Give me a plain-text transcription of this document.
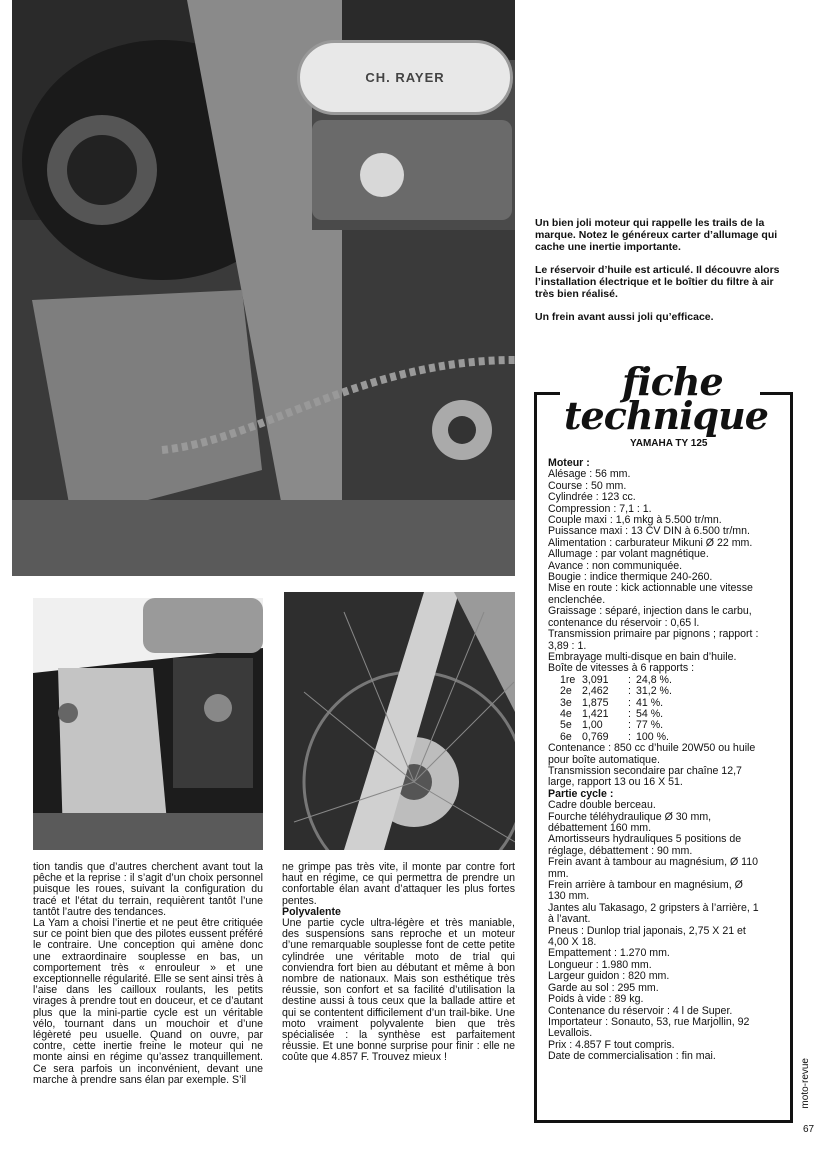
CH. RAYER

Un bien joli moteur qui rappelle les trails de la marque. Notez le généreux carter d’allumage qui cache une inertie importante.

Le réservoir d’huile est articulé. Il découvre alors l’installation électrique et le boîtier du filtre à air très bien réalisé.

Un frein avant aussi joli qu’efficace.

fiche
technique
YAMAHA TY 125
Moteur :
Alésage : 56 mm.
Course : 50 mm.
Cylindrée : 123 cc.
Compression : 7,1 : 1.
Couple maxi : 1,6 mkg à 5.500 tr/mn.
Puissance maxi : 13 CV DIN à 6.500 tr/mn.
Alimentation : carburateur Mikuni Ø 22 mm.
Allumage : par volant magnétique.
Avance : non communiquée.
Bougie : indice thermique 240-260.
Mise en route : kick actionnable une vitesse enclenchée.
Graissage : séparé, injection dans le carbu, contenance du réservoir : 0,65 l.
Transmission primaire par pignons ; rapport : 3,89 : 1.
Embrayage multi-disque en bain d’huile.
Boîte de vitesses à 6 rapports :
1re 3,091	: 24,8 %.
2e 2,462	: 31,2 %.
3e 1,875	: 41 %.
4e 1,421	: 54 %.
5e 1,00	: 77 %.
6e 0,769	: 100 %.
Contenance : 850 cc d’huile 20W50 ou huile pour boîte automatique.
Transmission secondaire par chaîne 12,7 large, rapport 13 ou 16 X 51.
Partie cycle :
Cadre double berceau.
Fourche téléhydraulique Ø 30 mm, débattement 160 mm.
Amortisseurs hydrauliques 5 positions de réglage, débattement : 90 mm.
Frein avant à tambour au magnésium, Ø 110 mm.
Frein arrière à tambour en magnésium, Ø 130 mm.
Jantes alu Takasago, 2 gripsters à l’arrière, 1 à l’avant.
Pneus : Dunlop trial japonais, 2,75 X 21 et 4,00 X 18.
Empattement : 1.270 mm.
Longueur : 1.980 mm.
Largeur guidon : 820 mm.
Garde au sol : 295 mm.
Poids à vide : 89 kg.
Contenance du réservoir : 4 l de Super.
Importateur : Sonauto, 53, rue Marjollin, 92 Levallois.
Prix : 4.857 F tout compris.
Date de commercialisation : fin mai.

tion tandis que d’autres cherchent avant tout la pêche et la reprise : il s’agit d’un choix personnel puisque les roues, suivant la configuration du tracé et l’état du terrain, requièrent tantôt l’une tantôt l’autre des tendances.

La Yam a choisi l’inertie et ne peut être critiquée sur ce point bien que des pilotes eussent préféré le contraire. Une conception qui amène donc une extraordinaire souplesse en bas, un comportement très « enrouleur » et une exceptionnelle régularité. Elle se sent ainsi très à l’aise dans les cailloux roulants, les petits virages à prendre tout en douceur, et ce d’autant plus que la mini-partie cycle est un véritable vélo, tournant dans un mouchoir et d’une légèreté peu usuelle. Quand on ouvre, par contre, cette inertie freine le moteur qui ne monte ainsi en régime qu’assez tranquillement. Ce sera parfois un inconvénient, devant une marche à prendre sans élan par exemple. S’il

ne grimpe pas très vite, il monte par contre fort haut en régime, ce qui permettra de prendre un confortable élan avant d’attaquer les plus fortes pentes.

Polyvalente

Une partie cycle ultra-légère et très maniable, des suspensions sans reproche et un moteur d’une remarquable souplesse font de cette petite cylindrée une véritable moto de trial qui conviendra fort bien au débutant et même à bon nombre de nationaux. Mais son esthétique très réussie, son confort et sa facilité d’utilisation la destine aussi à tous ceux que la ballade attire et qui se contentent difficilement d’un trail-bike. Une moto vraiment polyvalente bien que très spécialisée : la synthèse est parfaitement réussie. Et une bonne surprise pour finir : elle ne coûte que 4.857 F. Trouvez mieux !

moto-revue
67
